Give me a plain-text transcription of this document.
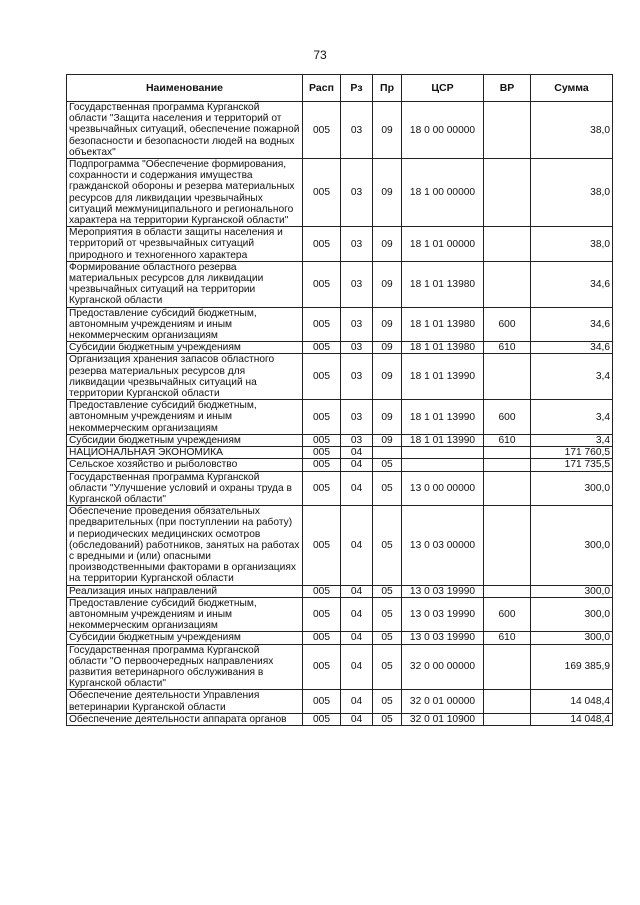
73
Наименование	Расп	Рз	Пр	ЦСР	ВР	Сумма
Государственная программа Курганской области "Защита населения и территорий от чрезвычайных ситуаций, обеспечение пожарной безопасности и безопасности людей на водных объектах"	005	03	09	18 0 00 00000		38,0
Подпрограмма "Обеспечение формирования, сохранности и содержания имущества гражданской обороны и резерва материальных ресурсов для ликвидации чрезвычайных ситуаций межмуниципального и регионального характера на территории Курганской области"	005	03	09	18 1 00 00000		38,0
Мероприятия в области защиты населения и территорий от чрезвычайных ситуаций природного и техногенного характера	005	03	09	18 1 01 00000		38,0
Формирование областного резерва материальных ресурсов для ликвидации чрезвычайных ситуаций на территории Курганской области	005	03	09	18 1 01 13980		34,6
Предоставление субсидий бюджетным, автономным учреждениям и иным некоммерческим организациям	005	03	09	18 1 01 13980	600	34,6
Субсидии бюджетным учреждениям	005	03	09	18 1 01 13980	610	34,6
Организация хранения запасов областного резерва материальных ресурсов для ликвидации чрезвычайных ситуаций на территории Курганской области	005	03	09	18 1 01 13990		3,4
Предоставление субсидий бюджетным, автономным учреждениям и иным некоммерческим организациям	005	03	09	18 1 01 13990	600	3,4
Субсидии бюджетным учреждениям	005	03	09	18 1 01 13990	610	3,4
НАЦИОНАЛЬНАЯ ЭКОНОМИКА	005	04				171 760,5
Сельское хозяйство и рыболовство	005	04	05			171 735,5
Государственная программа Курганской области "Улучшение условий и охраны труда в Курганской области"	005	04	05	13 0 00 00000		300,0
Обеспечение проведения обязательных предварительных (при поступлении на работу) и периодических медицинских осмотров (обследований) работников, занятых на работах с вредными и (или) опасными производственными факторами в организациях на территории Курганской области	005	04	05	13 0 03 00000		300,0
Реализация иных направлений	005	04	05	13 0 03 19990		300,0
Предоставление субсидий бюджетным, автономным учреждениям и иным некоммерческим организациям	005	04	05	13 0 03 19990	600	300,0
Субсидии бюджетным учреждениям	005	04	05	13 0 03 19990	610	300,0
Государственная программа Курганской области "О первоочередных направлениях развития ветеринарного обслуживания в Курганской области"	005	04	05	32 0 00 00000		169 385,9
Обеспечение деятельности Управления ветеринарии Курганской области	005	04	05	32 0 01 00000		14 048,4
Обеспечение деятельности аппарата органов	005	04	05	32 0 01 10900		14 048,4
